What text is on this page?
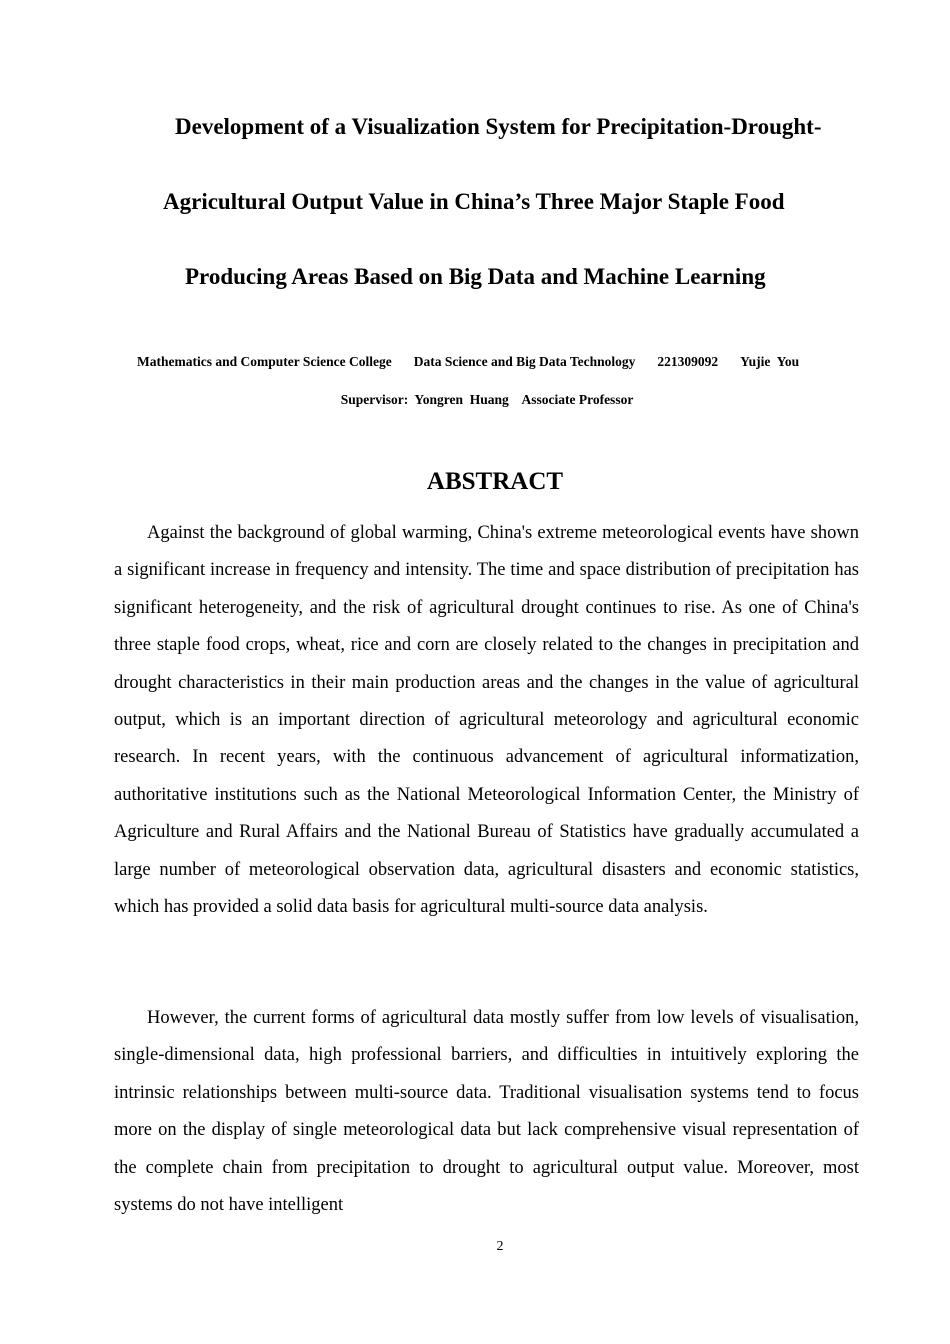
Development of a Visualization System for Precipitation-Drought-
Agricultural Output Value in China’s Three Major Staple Food
Producing Areas Based on Big Data and Machine Learning
Mathematics and Computer Science College Data Science and Big Data Technology 221309092 Yujie  You
Supervisor:  Yongren  Huang    Associate Professor
ABSTRACT

Against the background of global warming, China's extreme meteorological events have shown a significant increase in frequency and intensity. The time and space distribution of precipitation has significant heterogeneity, and the risk of agricultural drought continues to rise. As one of China's three staple food crops, wheat, rice and corn are closely related to the changes in precipitation and drought characteristics in their main production areas and the changes in the value of agricultural output, which is an important direction of agricultural meteorology and agricultural economic research. In recent years, with the continuous advancement of agricultural informatization, authoritative institutions such as the National Meteorological Information Center, the Ministry of Agriculture and Rural Affairs and the National Bureau of Statistics have gradually accumulated a large number of meteorological observation data, agricultural disasters and economic statistics, which has provided a solid data basis for agricultural multi-source data analysis.

However, the current forms of agricultural data mostly suffer from low levels of visualisation, single-dimensional data, high professional barriers, and difficulties in intuitively exploring the intrinsic relationships between multi-source data. Traditional visualisation systems tend to focus more on the display of single meteorological data but lack comprehensive visual representation of the complete chain from precipitation to drought to agricultural output value. Moreover, most systems do not have intelligent

2
